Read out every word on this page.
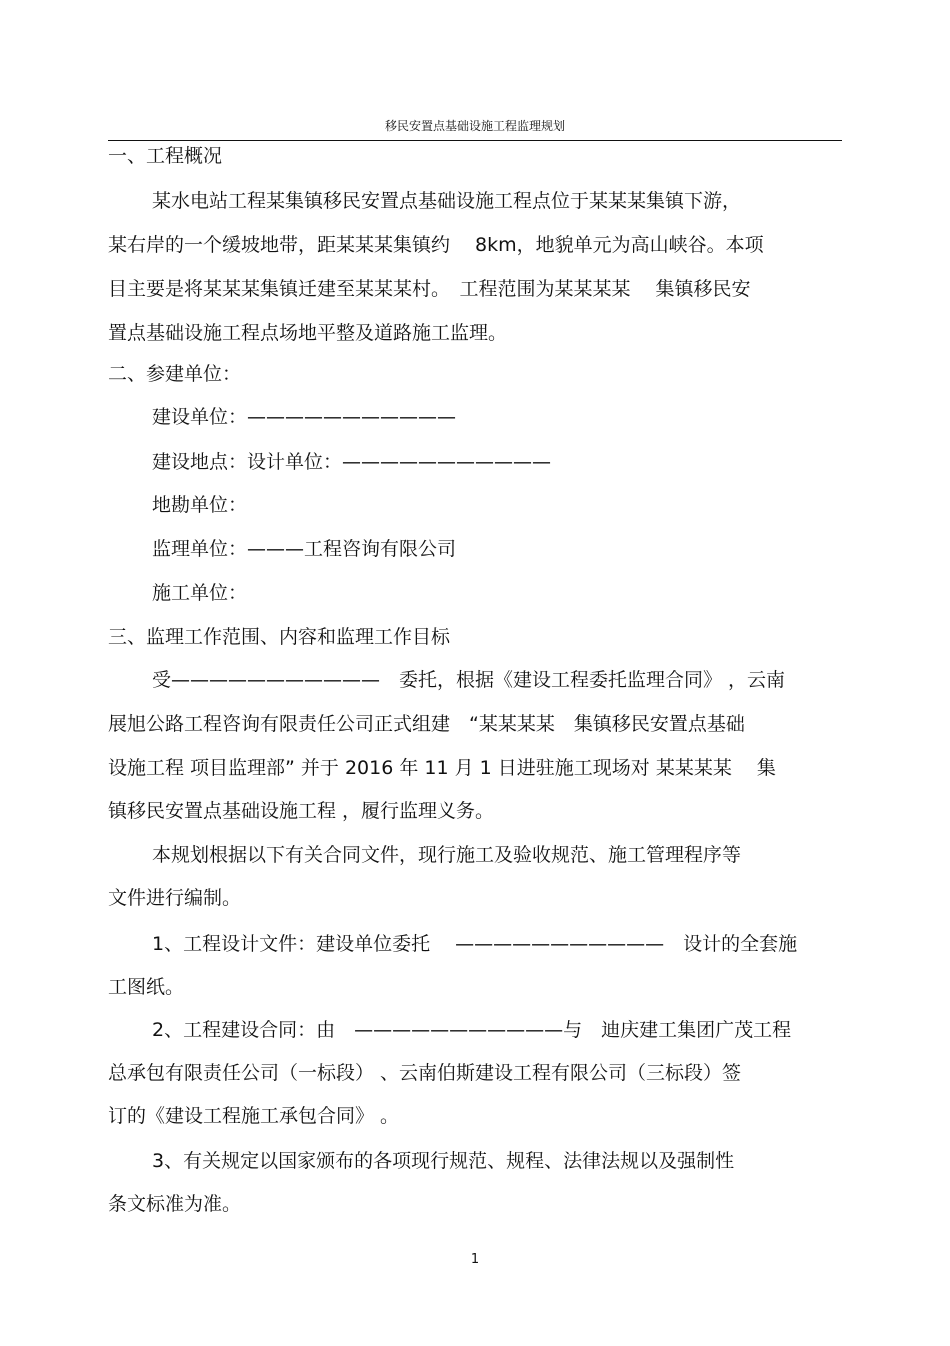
移民安置点基础设施工程监理规划
一、工程概况
某水电站工程某集镇移民安置点基础设施工程点位于某某某集镇下游，
某右岸的一个缓坡地带，距某某某集镇约　 8km，地貌单元为高山峡谷。本项
目主要是将某某某集镇迁建至某某某村。　工程范围为某某某某　 集镇移民安
置点基础设施工程点场地平整及道路施工监理。
二、参建单位：
建设单位：———————————
建设地点：设计单位：———————————
地勘单位：
监理单位：———工程咨询有限公司
施工单位：
三、监理工作范围、内容和监理工作目标
受———————————　委托，根据《建设工程委托监理合同》 ，云南
展旭公路工程咨询有限责任公司正式组建　“某某某某　集镇移民安置点基础
设施工程 项目监理部” 并于 2016 年 11 月 1 日进驻施工现场对 某某某某　 集
镇移民安置点基础设施工程 ，履行监理义务。
本规划根据以下有关合同文件，现行施工及验收规范、施工管理程序等
文件进行编制。
1、工程设计文件：建设单位委托　 ———————————　设计的全套施
工图纸。
2、工程建设合同：由　———————————与　迪庆建工集团广茂工程
总承包有限责任公司（一标段） 、云南伯斯建设工程有限公司（三标段）签
订的《建设工程施工承包合同》 。
3、有关规定以国家颁布的各项现行规范、规程、法律法规以及强制性
条文标准为准。
1
